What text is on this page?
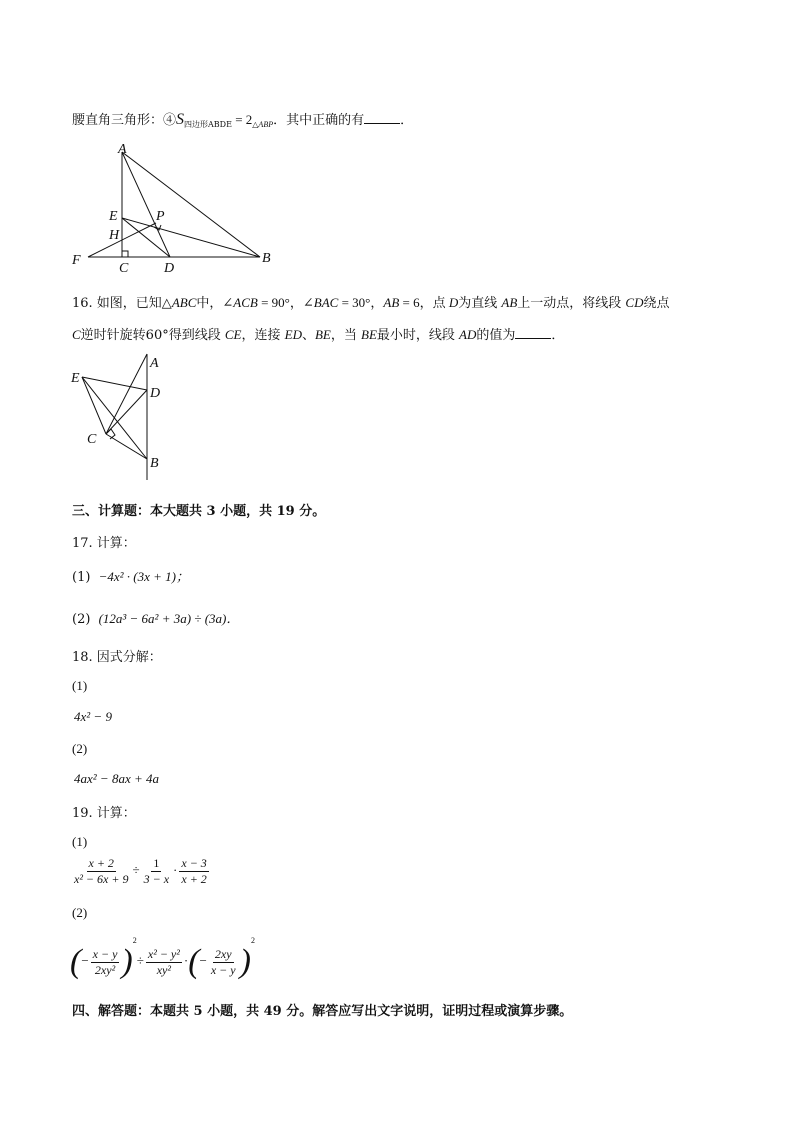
腰直角三角形：$④S_{四边形ABDE} = 2_{\triangle ABP}$．其中正确的有	．
A
E	P
H
F
C	D
B
16. 如图，已知△ABC中，∠ACB = 90°，∠BAC = 30°，AB = 6，点 D为直线 AB上一动点，将线段 CD绕点
C逆时针旋转60°得到线段 CE，连接 ED、BE，当 BE最小时，线段 AD的值为	．
A
E
D
C
B
三、计算题：本大题共 3 小题，共 19 分。
17. 计算：
(1) −4x² · (3x + 1)；
(2) (12a³ − 6a² + 3a) ÷ (3a)．
18. 因式分解：
(1)
4x² − 9
(2)
4ax² − 8ax + 4a
19. 计算：
(1)
$\frac{x + 2}{\text{x² − 6x + 9}} \div \frac{1}{3 - x} \cdot \frac{x - 3}{x + 2}$
(2)
(− $\frac{x - y}{\text{2xy²}} )^2\div \frac{\text{x² − y²}}{\text{xy²}}$ ·(− $\frac{2xy}{x - y} )^2$
四、解答题：本题共 5 小题，共 49 分。解答应写出文字说明，证明过程或演算步骤。
